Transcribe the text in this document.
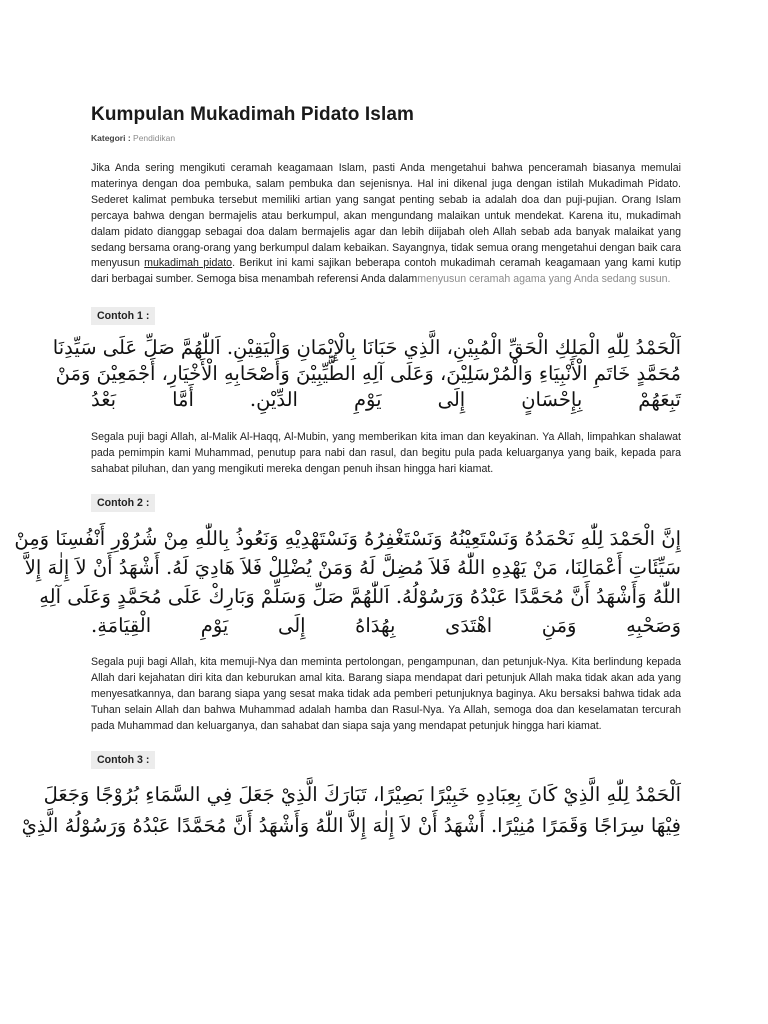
Kumpulan Mukadimah Pidato Islam
Kategori : Pendidikan

Jika Anda sering mengikuti ceramah keagamaan Islam, pasti Anda mengetahui bahwa penceramah biasanya memulai materinya dengan doa pembuka, salam pembuka dan sejenisnya. Hal ini dikenal juga dengan istilah Mukadimah Pidato. Sederet kalimat pembuka tersebut memiliki artian yang sangat penting sebab ia adalah doa dan puji-pujian. Orang Islam percaya bahwa dengan bermajelis atau berkumpul, akan mengundang malaikan untuk mendekat. Karena itu, mukadimah dalam pidato dianggap sebagai doa dalam bermajelis agar dan lebih diijabah oleh Allah sebab ada banyak malaikat yang sedang bersama orang-orang yang berkumpul dalam kebaikan. Sayangnya, tidak semua orang mengetahui dengan baik cara menyusun mukadimah pidato. Berikut ini kami sajikan beberapa contoh mukadimah ceramah keagamaan yang kami kutip dari berbagai sumber. Semoga bisa menambah referensi Anda dalammenyusun ceramah agama yang Anda sedang susun.

Contoh 1 :
اَلْحَمْدُ لِلّٰهِ الْمَلِكِ الْحَقِّ الْمُبِيْنِ، الَّذِي حَبَانَا بِالْإِيْمَانِ وَالْيَقِيْنِ. اَللّٰهُمَّ صَلِّ عَلَى سَيِّدِنَا
مُحَمَّدٍ خَاتَمِ الْأَنْبِيَاءِ وَالْمُرْسَلِيْنَ، وَعَلَى آلِهِ الطَّيِّبِيْنَ وَأَصْحَابِهِ الْأَخْيَارِ، أَجْمَعِيْنَ وَمَنْ
تَبِعَهُمْ بِإِحْسَانٍ إِلَى يَوْمِ الدِّيْنِ. أَمَّا بَعْدُ

Segala puji bagi Allah, al-Malik Al-Haqq, Al-Mubin, yang memberikan kita iman dan keyakinan. Ya Allah, limpahkan shalawat pada pemimpin kami Muhammad, penutup para nabi dan rasul, dan begitu pula pada keluarganya yang baik, kepada para sahabat piluhan, dan yang mengikuti mereka dengan penuh ihsan hingga hari kiamat.

Contoh 2 :
إِنَّ الْحَمْدَ لِلّٰهِ نَحْمَدُهُ وَنَسْتَعِيْنُهُ وَنَسْتَغْفِرُهُ وَنَسْتَهْدِيْهِ وَنَعُوذُ بِاللّٰهِ مِنْ شُرُوْرِ أَنْفُسِنَا وَمِنْ
سَيِّئَاتِ أَعْمَالِنَا، مَنْ يَهْدِهِ اللّٰهُ فَلاَ مُضِلَّ لَهُ وَمَنْ يُضْلِلْ فَلاَ هَادِيَ لَهُ. أَشْهَدُ أَنْ لاَ إِلٰهَ إِلاَّ
اللّٰهُ وَأَشْهَدُ أَنَّ مُحَمَّدًا عَبْدُهُ وَرَسُوْلُهُ. اَللّٰهُمَّ صَلِّ وَسَلِّمْ وَبَارِكْ عَلَى مُحَمَّدٍ وَعَلَى آلِهِ
وَصَحْبِهِ وَمَنِ اهْتَدَى بِهُدَاهُ إِلَى يَوْمِ الْقِيَامَةِ.

Segala puji bagi Allah, kita memuji-Nya dan meminta pertolongan, pengampunan, dan petunjuk-Nya. Kita berlindung kepada Allah dari kejahatan diri kita dan keburukan amal kita. Barang siapa mendapat dari petunjuk Allah maka tidak akan ada yang menyesatkannya, dan barang siapa yang sesat maka tidak ada pemberi petunjuknya baginya. Aku bersaksi bahwa tidak ada Tuhan selain Allah dan bahwa Muhammad adalah hamba dan Rasul-Nya. Ya Allah, semoga doa dan keselamatan tercurah pada Muhammad dan keluarganya, dan sahabat dan siapa saja yang mendapat petunjuk hingga hari kiamat.

Contoh 3 :
اَلْحَمْدُ لِلّٰهِ الَّذِيْ كَانَ بِعِبَادِهِ خَبِيْرًا بَصِيْرًا، تَبَارَكَ الَّذِيْ جَعَلَ فِي السَّمَاءِ بُرُوْجًا وَجَعَلَ
فِيْهَا سِرَاجًا وَقَمَرًا مُنِيْرًا. أَشْهَدُ أَنْ لاَ إِلٰهَ إِلاَّ اللّٰهُ وَأَشْهَدُ أَنَّ مُحَمَّدًا عَبْدُهُ وَرَسُوْلُهُ الَّذِيْ
